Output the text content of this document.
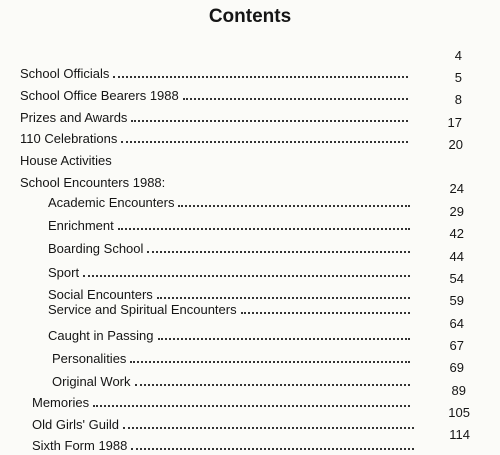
Contents
School Officials
School Office Bearers 1988
Prizes and Awards
110 Celebrations
House Activities
School Encounters 1988:
Academic Encounters
Enrichment
Boarding School
Sport
Social Encounters
Service and Spiritual Encounters
Caught in Passing
Personalities
Original Work
Memories
Old Girls' Guild
Sixth Form 1988
4
5
8
17
20
24
29
42
44
54
59
64
67
69
89
105
114
